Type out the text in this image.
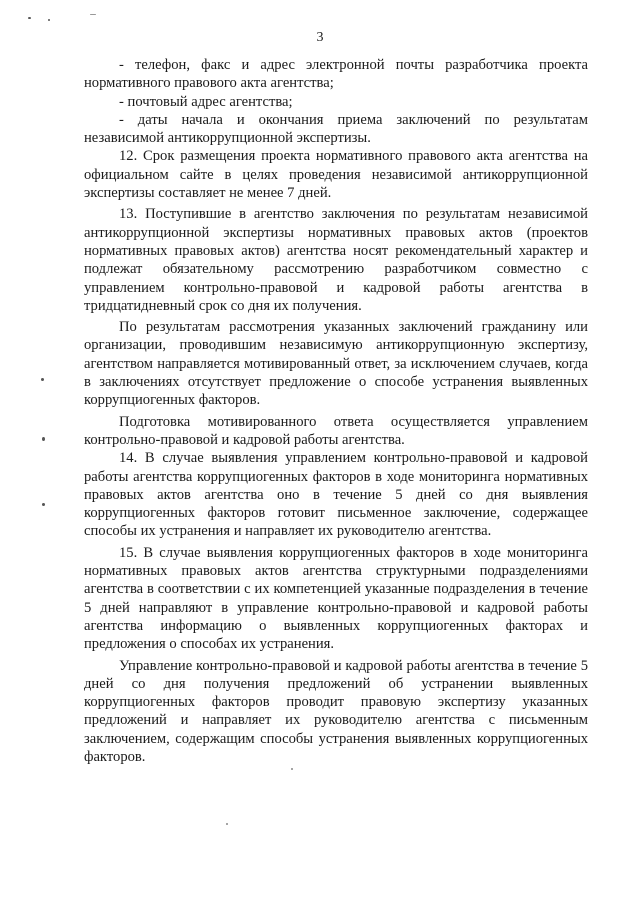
3

- телефон, факс и адрес электронной почты разработчика проекта нормативного правового акта агентства;

- почтовый адрес агентства;

- даты начала и окончания приема заключений по результатам независимой антикоррупционной экспертизы.

12. Срок размещения проекта нормативного правового акта агентства на официальном сайте в целях проведения независимой антикоррупционной экспертизы составляет не менее 7 дней.

13. Поступившие в агентство заключения по результатам независимой антикоррупционной экспертизы нормативных правовых актов (проектов нормативных правовых актов) агентства носят рекомендательный характер и подлежат обязательному рассмотрению разработчиком совместно с управлением контрольно-правовой и кадровой работы агентства в тридцатидневный срок со дня их получения.

По результатам рассмотрения указанных заключений гражданину или организации, проводившим независимую антикоррупционную экспертизу, агентством направляется мотивированный ответ, за исключением случаев, когда в заключениях отсутствует предложение о способе устранения выявленных коррупциогенных факторов.

Подготовка мотивированного ответа осуществляется управлением контрольно-правовой и кадровой работы агентства.

14. В случае выявления управлением контрольно-правовой и кадровой работы агентства коррупциогенных факторов в ходе мониторинга нормативных правовых актов агентства оно в течение 5 дней со дня выявления коррупциогенных факторов готовит письменное заключение, содержащее способы их устранения и направляет их руководителю агентства.

15. В случае выявления коррупциогенных факторов в ходе мониторинга нормативных правовых актов агентства структурными подразделениями агентства в соответствии с их компетенцией указанные подразделения в течение 5 дней направляют в управление контрольно-правовой и кадровой работы агентства информацию о выявленных коррупциогенных факторах и предложения о способах их устранения.

Управление контрольно-правовой и кадровой работы агентства в течение 5 дней со дня получения предложений об устранении выявленных коррупциогенных факторов проводит правовую экспертизу указанных предложений и направляет их руководителю агентства с письменным заключением, содержащим способы устранения выявленных коррупциогенных факторов.
